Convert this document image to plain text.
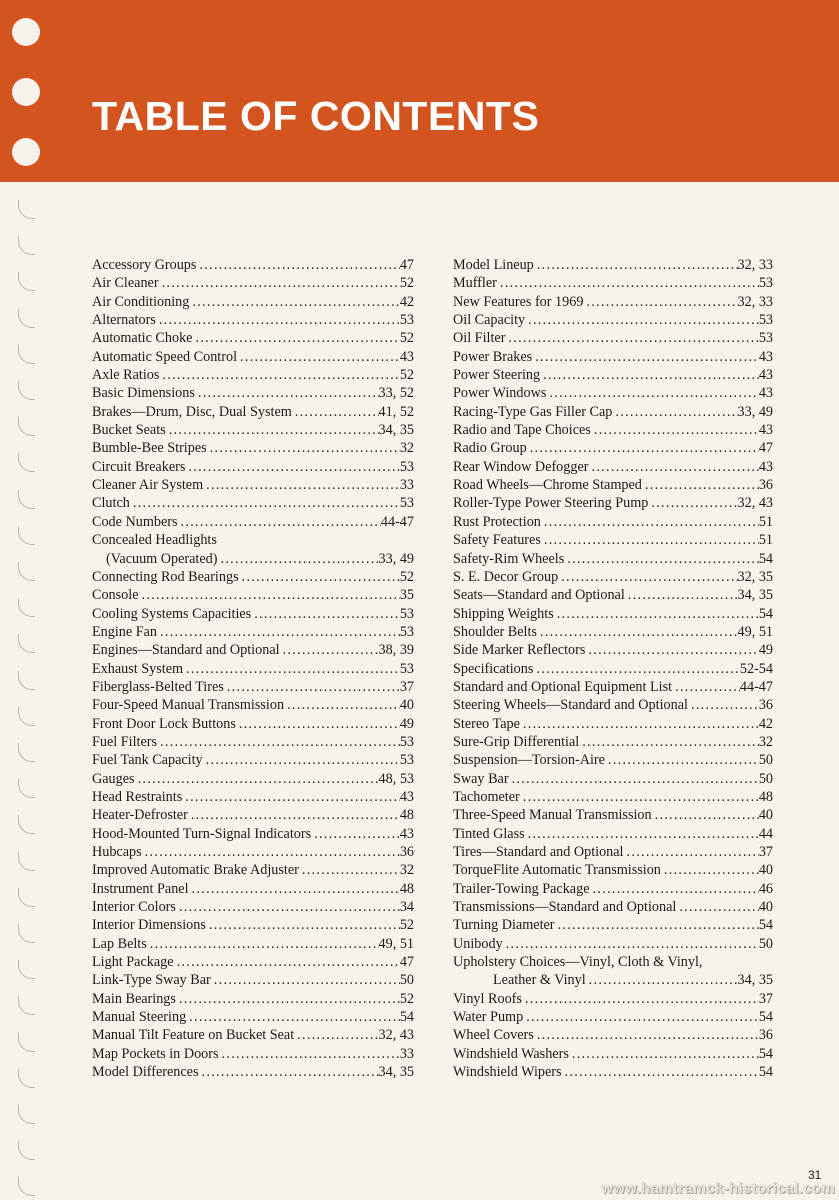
TABLE OF CONTENTS
Accessory Groups .....	47
Air Cleaner .....	52
Air Conditioning .....	42
Alternators .....	53
Automatic Choke .....	52
Automatic Speed Control .....	43
Axle Ratios .....	52
Basic Dimensions .....	33, 52
Brakes—Drum, Disc, Dual System .....	41, 52
Bucket Seats .....	34, 35
Bumble-Bee Stripes .....	32
Circuit Breakers .....	53
Cleaner Air System .....	33
Clutch .....	53
Code Numbers .....	44-47
Concealed Headlights
(Vacuum Operated) .....	33, 49
Connecting Rod Bearings .....	52
Console .....	35
Cooling Systems Capacities .....	53
Engine Fan .....	53
Engines—Standard and Optional .....	38, 39
Exhaust System .....	53
Fiberglass-Belted Tires .....	37
Four-Speed Manual Transmission .....	40
Front Door Lock Buttons .....	49
Fuel Filters .....	53
Fuel Tank Capacity .....	53
Gauges .....	48, 53
Head Restraints .....	43
Heater-Defroster .....	48
Hood-Mounted Turn-Signal Indicators .....	43
Hubcaps .....	36
Improved Automatic Brake Adjuster .....	32
Instrument Panel .....	48
Interior Colors .....	34
Interior Dimensions .....	52
Lap Belts .....	49, 51
Light Package .....	47
Link-Type Sway Bar .....	50
Main Bearings .....	52
Manual Steering .....	54
Manual Tilt Feature on Bucket Seat .....	32, 43
Map Pockets in Doors .....	33
Model Differences .....	34, 35
Model Lineup .....	32, 33
Muffler .....	53
New Features for 1969 .....	32, 33
Oil Capacity .....	53
Oil Filter .....	53
Power Brakes .....	43
Power Steering .....	43
Power Windows .....	43
Racing-Type Gas Filler Cap .....	33, 49
Radio and Tape Choices .....	43
Radio Group .....	47
Rear Window Defogger .....	43
Road Wheels—Chrome Stamped .....	36
Roller-Type Power Steering Pump .....	32, 43
Rust Protection .....	51
Safety Features .....	51
Safety-Rim Wheels .....	54
S. E. Decor Group .....	32, 35
Seats—Standard and Optional .....	34, 35
Shipping Weights .....	54
Shoulder Belts .....	49, 51
Side Marker Reflectors .....	49
Specifications .....	52-54
Standard and Optional Equipment List .....	44-47
Steering Wheels—Standard and Optional .....	36
Stereo Tape .....	42
Sure-Grip Differential .....	32
Suspension—Torsion-Aire .....	50
Sway Bar .....	50
Tachometer .....	48
Three-Speed Manual Transmission .....	40
Tinted Glass .....	44
Tires—Standard and Optional .....	37
TorqueFlite Automatic Transmission .....	40
Trailer-Towing Package .....	46
Transmissions—Standard and Optional .....	40
Turning Diameter .....	54
Unibody .....	50
Upholstery Choices—Vinyl, Cloth & Vinyl,
Leather & Vinyl .....	34, 35
Vinyl Roofs .....	37
Water Pump .....	54
Wheel Covers .....	36
Windshield Washers .....	54
Windshield Wipers .....	54
31
www.hamtramck-historical.com
